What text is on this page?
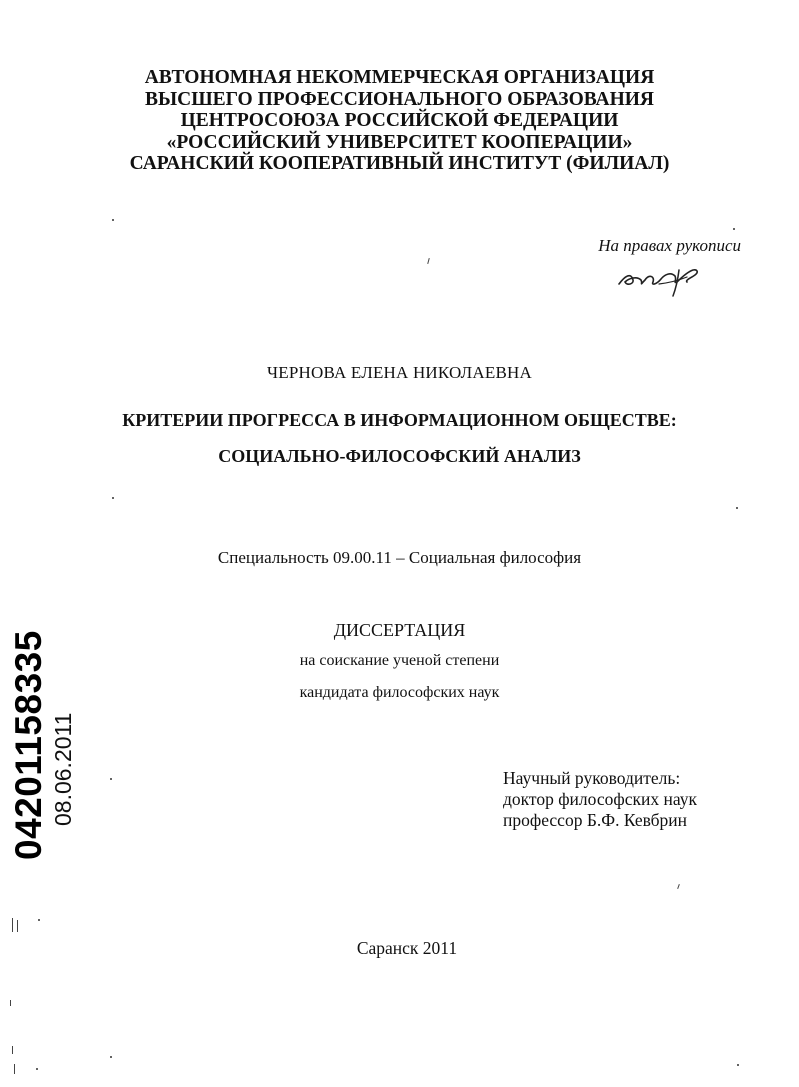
АВТОНОМНАЯ НЕКОММЕРЧЕСКАЯ ОРГАНИЗАЦИЯ
ВЫСШЕГО ПРОФЕССИОНАЛЬНОГО ОБРАЗОВАНИЯ
ЦЕНТРОСОЮЗА РОССИЙСКОЙ ФЕДЕРАЦИИ
«РОССИЙСКИЙ УНИВЕРСИТЕТ КООПЕРАЦИИ»
САРАНСКИЙ КООПЕРАТИВНЫЙ ИНСТИТУТ (ФИЛИАЛ)
На правах рукописи
ЧЕРНОВА ЕЛЕНА НИКОЛАЕВНА
КРИТЕРИИ ПРОГРЕССА В ИНФОРМАЦИОННОМ ОБЩЕСТВЕ:
СОЦИАЛЬНО-ФИЛОСОФСКИЙ АНАЛИЗ
Специальность 09.00.11 – Социальная философия
ДИССЕРТАЦИЯ
на соискание ученой степени
кандидата философских наук
Научный руководитель:
доктор философских наук
профессор Б.Ф. Кевбрин
Саранск 2011
04201158335 08.06.2011
